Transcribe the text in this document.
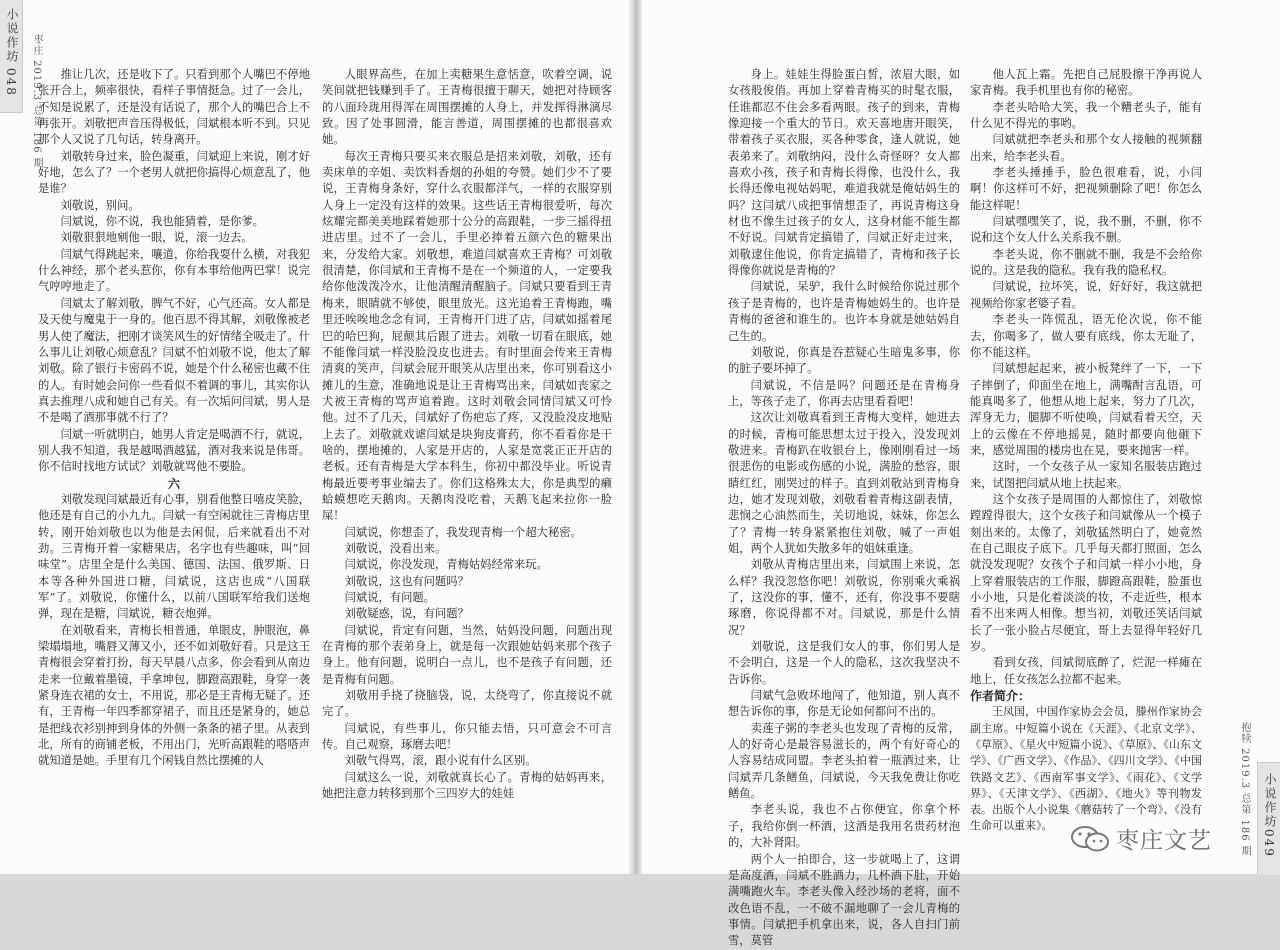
小说作坊
048 枣庄 2019.3 总第 186 期
小说作坊
049
抱犊 2019.3 总第 186 期

推让几次，还是收下了。只看到那个人嘴巴不停地张开合上，频率很快，看样子事情挺急。过了一会儿，不知是说累了，还是没有话说了，那个人的嘴巴合上不再张开。刘敬把声音压得极低，闫斌根本听不到。只见那个人又说了几句话，转身离开。

刘敬转身过来，脸色凝重，闫斌迎上来说，刚才好好地，怎么了？一个老男人就把你搞得心烦意乱了，他是谁？

刘敬说，别问。

闫斌说，你不说，我也能猜着，是你爹。

刘敬狠狠地剜他一眼，说，滚一边去。

闫斌气得跳起来，嚷道，你给我耍什么横，对我犯什么神经，那个老头惹你，你有本事给他两巴掌！说完气哼哼地走了。

闫斌太了解刘敬，脾气不好，心气还高。女人都是及天使与魔鬼于一身的。他百思不得其解，刘敬像被老男人使了魔法，把刚才谈笑风生的好情绪全吸走了。什么事儿让刘敬心烦意乱？闫斌不怕刘敬不说，他太了解刘敬。除了银行卡密码不说，她是个什么秘密也藏不住的人。有时她会问你一些看似不着调的事儿，其实你认真去推理八成和她自己有关。有一次垢问闫斌，男人是不是喝了酒那事就不行了？

闫斌一听就明白，她男人肯定是喝酒不行，就说，别人我不知道，我是越喝酒越猛，酒对我来说是伟哥。你不信时找地方试试？刘敬就骂他不要脸。

六

刘敬发现闫斌最近有心事，别看他整日嘻皮笑脸，他还是有自己的小九九。闫斌一有空闲就往三青梅店里转，刚开始刘敬也以为他是去闲侃，后来就看出不对劲。三青梅开着一家糖果店，名字也有些趣味，叫“回味堂”。店里全是什么美国、德国、法国、俄罗斯、日本等各种外国进口糖，闫斌说，这店也成“八国联军”了。刘敬说，你懂什么，以前八国联军给我们送炮弹，现在是糖，闫斌说，糖衣炮弹。

在刘敬看来，青梅长相普通，单眼皮，肿眼泡，鼻梁塌塌地，嘴唇又薄又小，还不如刘敬好看。只是这王青梅很会穿着打扮，每天早晨八点多，你会看到从南边走来一位戴着墨镜，手拿坤包，脚蹬高跟鞋，身穿一袭紧身连衣裙的女士，不用说，那必是王青梅无疑了。还有，王青梅一年四季都穿裙子，而且还是紧身的，她总是把线衣衫别抻到身体的外侧一条条的裙子里。从表到北，所有的商铺老板，不用出门，光听高跟鞋的嗒嗒声就知道是她。手里有几个闲钱自然比摆摊的人

人眼界高些，在加上卖糖果生意恬意，吹着空调，说笑间就把钱赚到手了。王青梅很擅于聊天，她把对待顾客的八面玲珑用得浑在周围摆摊的人身上，并发挥得淋漓尽致。因了处事圆滑，能言善道，周围摆摊的也都很喜欢她。

每次王青梅只要买来衣服总是招来刘敬，刘敬，还有卖床单的辛姐、卖饮料香烟的孙姐的夸赞。她们少不了要说，王青梅身条好，穿什么衣服都洋气，一样的衣服穿别人身上一定没有这样的效果。这些话王青梅很爱听，每次炫耀完都美美地踩着她那十公分的高跟鞋，一步三摇得扭进店里。过不了一会儿，手里必捧着五颜六色的糖果出来，分发给大家。刘敬想，难道闫斌喜欢王青梅？可刘敬很清楚，你闫斌和王青梅不是在一个频道的人，一定要我给你他泼泼冷水，让他清醒清醒脑子。闫斌只要看到王青梅来，眼睛就不够使，眼里放光。这光追着王青梅跑，嘴里还唉唉地念念有词，王青梅开门进了店，闫斌如摇着尾巴的哈巴狗，屁颠其后跟了进去。刘敬一切看在眼底，她不能像闫斌一样没脸没皮也进去。有时里面会传来王青梅清爽的笑声，闫斌会屁开眼笑从店里出来，你可别看这小摊儿的生意，准确地说是让王青梅骂出来，闫斌如丧家之犬被王青梅的骂声追着跑。这时刘敬会同情闫斌又可怜他。过不了几天，闫斌好了伤疤忘了疼，又没脸没皮地贴上去了。刘敬就戏谑闫斌是块狗皮膏药，你不看看你是干啥的，摆地摊的，人家是开店的，人家是宽裳正正开店的老板。还有青梅是大学本科生，你初中都没毕业。听说青梅最近要考事业编去了。你们这格殊太大，你是典型的癞蛤蟆想吃天鹅肉。天鹅肉没吃着，天鹅飞起来拉你一脸屎！

闫斌说，你想歪了，我发现青梅一个超大秘密。

刘敬说，没看出来。

闫斌说，你没发现，青梅姑妈经常来玩。

刘敬说，这也有问题吗？

闫斌说，有问题。

刘敬疑惑，说，有问题？

闫斌说，肯定有问题，当然，姑妈没问题，问题出现在青梅的那个表弟身上，就是每一次跟她姑妈来那个孩子身上。他有问题，说明白一点儿，也不是孩子有问题，还是青梅有问题。

刘敬用手挠了挠脑袋，说，太绕弯了，你直接说不就完了。

闫斌说，有些事儿，你只能去悟，只可意会不可言传。自己观察，琢磨去吧！

刘敬气得骂，滚，跟小说有什么区别。

闫斌这么一说，刘敬就真长心了。青梅的姑妈再来，她把注意力转移到那个三四岁大的娃娃

身上。娃娃生得脸蛋白皙，浓眉大眼，如女孩般俊俏。再加上穿着青梅买的时髦衣服，任谁都忍不住会多看两眼。孩子的到来，青梅像迎接一个重大的节日。欢天喜地唐开眼笑，带着孩子买衣服，买各种零食，逢人就说，她表弟来了。刘敬纳闷，没什么奇怪呀？女人都喜欢小孩，孩子和青梅长得像，也没什么，我长得还像电视姑妈呢，难道我就是俺姑妈生的吗？这闫斌八成把事情想歪了，再说青梅这身材也不像生过孩子的女人，这身材能不能生都不好说。闫斌肯定搞错了，闫斌正好走过来，刘敬逮住他说，你肯定搞错了，青梅和孩子长得像你就说是青梅的？

闫斌说，呆驴，我什么时候给你说过那个孩子是青梅的，也许是青梅她妈生的。也许是青梅的爸爸和谁生的。也许本身就是她姑妈自己生的。

刘敬说，你真是吞惹疑心生暗鬼多事，你的脏子要坏掉了。

闫斌说，不信是吗？问题还是在青梅身上，等孩子走了，你再去店里看看吧！

这次让刘敬真看到王青梅大变样，她进去的时候，青梅可能思想太过于投入，没发现刘敬进来。青梅趴在收银台上，像刚刚看过一场很悲伤的电影或伤感的小说，满脸的愁容，眼睛红红，刚哭过的样子。直到刘敬站到青梅身边，她才发现刘敬，刘敬看着青梅这副表情，悲悯之心油然而生，关切地说，妹妹，你怎么了？青梅一转身紧紧抱住刘敬，喊了一声姐姐，两个人犹如失散多年的姐妹重逢。

刘敬从青梅店里出来，闫斌围上来说，怎么样？我没忽悠你吧！刘敬说，你别乘火乘祸了，这没你的事，懂不，还有，你没事不要瞎琢磨，你说得都不对。闫斌说，那是什么情况？

刘敬说，这是我们女人的事，你们男人是不会明白，这是一个人的隐私，这次我坚决不告诉你。

闫斌气急败坏地闯了，他知道，别人真不想告诉你的事，你是无论如何都问不出的。

卖莲子粥的李老头也发现了青梅的反常，人的好奇心是最容易滋长的，两个有好奇心的人容易结成同盟。李老头拍着一瓶酒过来，让闫斌弄几条鳝鱼，闫斌说，今天我免费让你吃鳝鱼。

李老头说，我也不占你便宜，你拿个杯子，我给你倒一杯酒，这酒是我用名贵药材泡的，大补肾阳。

两个人一拍即合，这一步就喝上了，这谓是高度酒，闫斌不胜酒力，几杯酒下肚，开始满嘴跑火车。李老头像入经沙场的老将，面不改色语不乱，一不破不漏地聊了一会儿青梅的事情。闫斌把手机拿出来，说，各人自扫门前雪，莫管

他人瓦上霜。先把自己屁股擦干净再说人家青梅。我手机里也有你的秘密。

李老头哈哈大笑，我一个糟老头子，能有什么见不得光的事哟。

闫斌就把李老头和那个女人接触的视频翻出来，给李老头看。

李老头捶捶手，脸色很难看，说，小闫啊！你这样可不好，把视频删除了吧！你怎么能这样呢！

闫斌嘿嘿笑了，说，我不删，不删，你不说和这个女人什么关系我不删。

李老头说，你不删就不删，我是不会给你说的。这是我的隐私。我有我的隐私权。

闫斌说，拉坏笑，说，好好好，我这就把视频给你家老婆子看。

李老头一阵慌乱，语无伦次说，你不能去，你喝多了，做人要有底线，你太无耻了，你不能这样。

闫斌想起起来，被小板凳绊了一下，一下子摔倒了，仰面坐在地上，满嘴酎言乱语，可能真喝多了，他想从地上起来，努力了几次，浑身无力，腿脚不听使唤，闫斌看着天空，天上的云像在不停地摇晃，随时都要向他砸下来，感觉周围的楼房也在晃，要来抛害一样。

这时，一个女孩子从一家知名服装店跑过来，试图把闫斌从地上扶起来。

这个女孩子是周围的人都惊住了，刘敬惊蹚蹚得很大，这个女孩子和闫斌像从一个模子刻出来的。太像了，刘敬猛然明白了，她竟然在自己眼皮子底下。几乎每天都打照面，怎么就没发现呢？女孩个子和闫斌一样小小地，身上穿着服装店的工作服，脚蹬高跟鞋，脸蛋也小小地，只是化着淡淡的妆，不走近些，根本看不出来两人相像。想当初，刘敬还笑话闫斌长了一张小脸占尽便宜，哥上去显得年轻好几岁。

看到女孩，闫斌彻底醉了，烂泥一样瘫在地上，任女孩怎么拉都不起来。

作者简介：

王凤国，中国作家协会会员，滕州作家协会副主席。中短篇小说在《天涯》、《北京文学》、《草原》、《星火中短篇小说》、《草原》、《山东文学》、《广西文学》、《作品》、《四川文学》、《中国铁路文艺》、《西南军事文学》、《雨花》、《文学界》、《天津文学》、《西湖》、《地火》等刊物发表。出版个人小说集《蘑菇转了一个弯》、《没有生命可以重来》。

枣庄文艺
